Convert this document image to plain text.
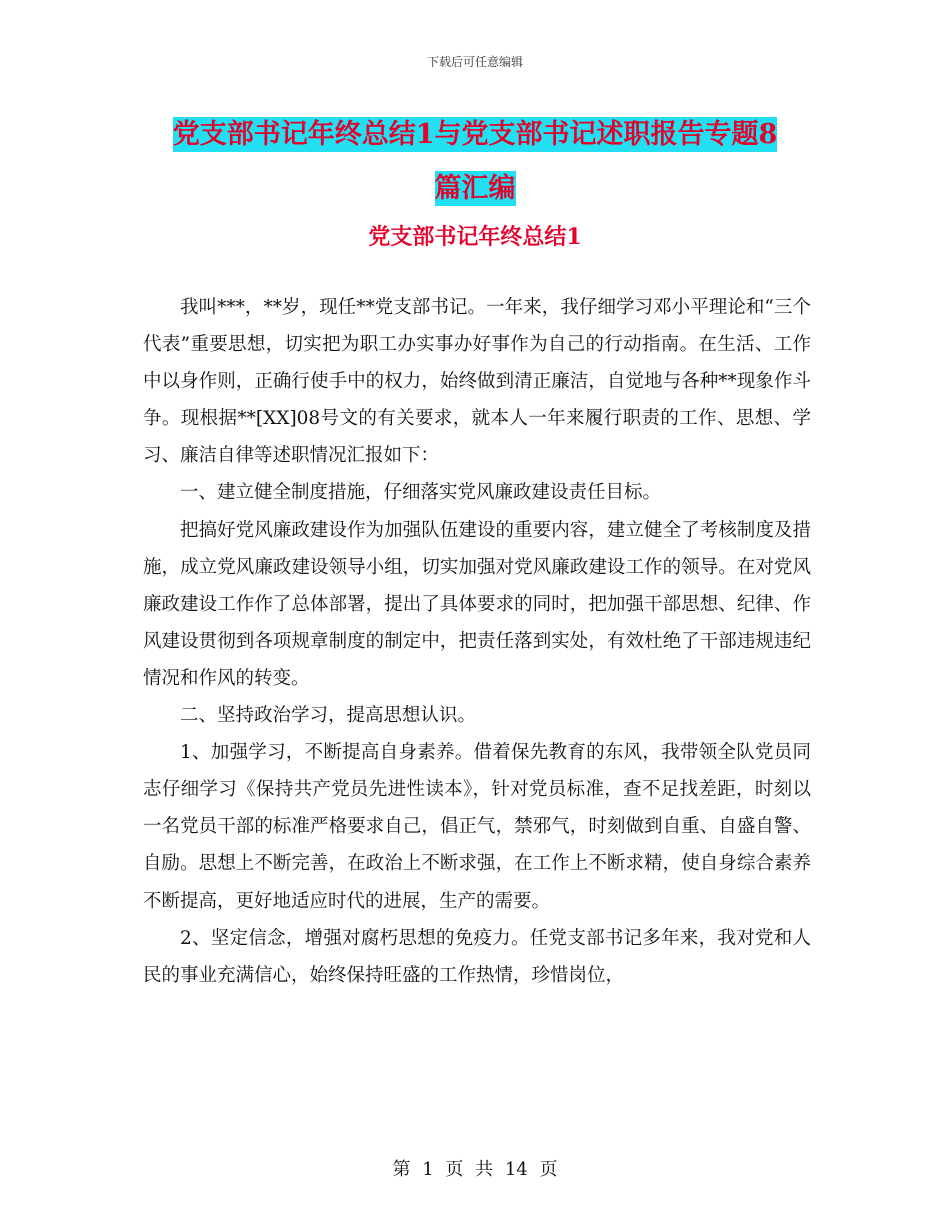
下载后可任意编辑
党支部书记年终总结1与党支部书记述职报告专题8
篇汇编
党支部书记年终总结1

我叫***，**岁，现任**党支部书记。一年来，我仔细学习邓小平理论和“三个代表”重要思想，切实把为职工办实事办好事作为自己的行动指南。在生活、工作中以身作则，正确行使手中的权力，始终做到清正廉洁，自觉地与各种**现象作斗争。现根据**[XX]08号文的有关要求，就本人一年来履行职责的工作、思想、学习、廉洁自律等述职情况汇报如下：

一、建立健全制度措施，仔细落实党风廉政建设责任目标。

把搞好党风廉政建设作为加强队伍建设的重要内容，建立健全了考核制度及措施，成立党风廉政建设领导小组，切实加强对党风廉政建设工作的领导。在对党风廉政建设工作作了总体部署，提出了具体要求的同时，把加强干部思想、纪律、作风建设贯彻到各项规章制度的制定中，把责任落到实处，有效杜绝了干部违规违纪情况和作风的转变。

二、坚持政治学习，提高思想认识。

1、加强学习，不断提高自身素养。借着保先教育的东风，我带领全队党员同志仔细学习《保持共产党员先进性读本》，针对党员标准，查不足找差距，时刻以一名党员干部的标准严格要求自己，倡正气，禁邪气，时刻做到自重、自盛自警、自励。思想上不断完善，在政治上不断求强，在工作上不断求精，使自身综合素养不断提高，更好地适应时代的进展，生产的需要。

2、坚定信念，增强对腐朽思想的免疫力。任党支部书记多年来，我对党和人民的事业充满信心，始终保持旺盛的工作热情，珍惜岗位，

第 1 页 共 14 页
